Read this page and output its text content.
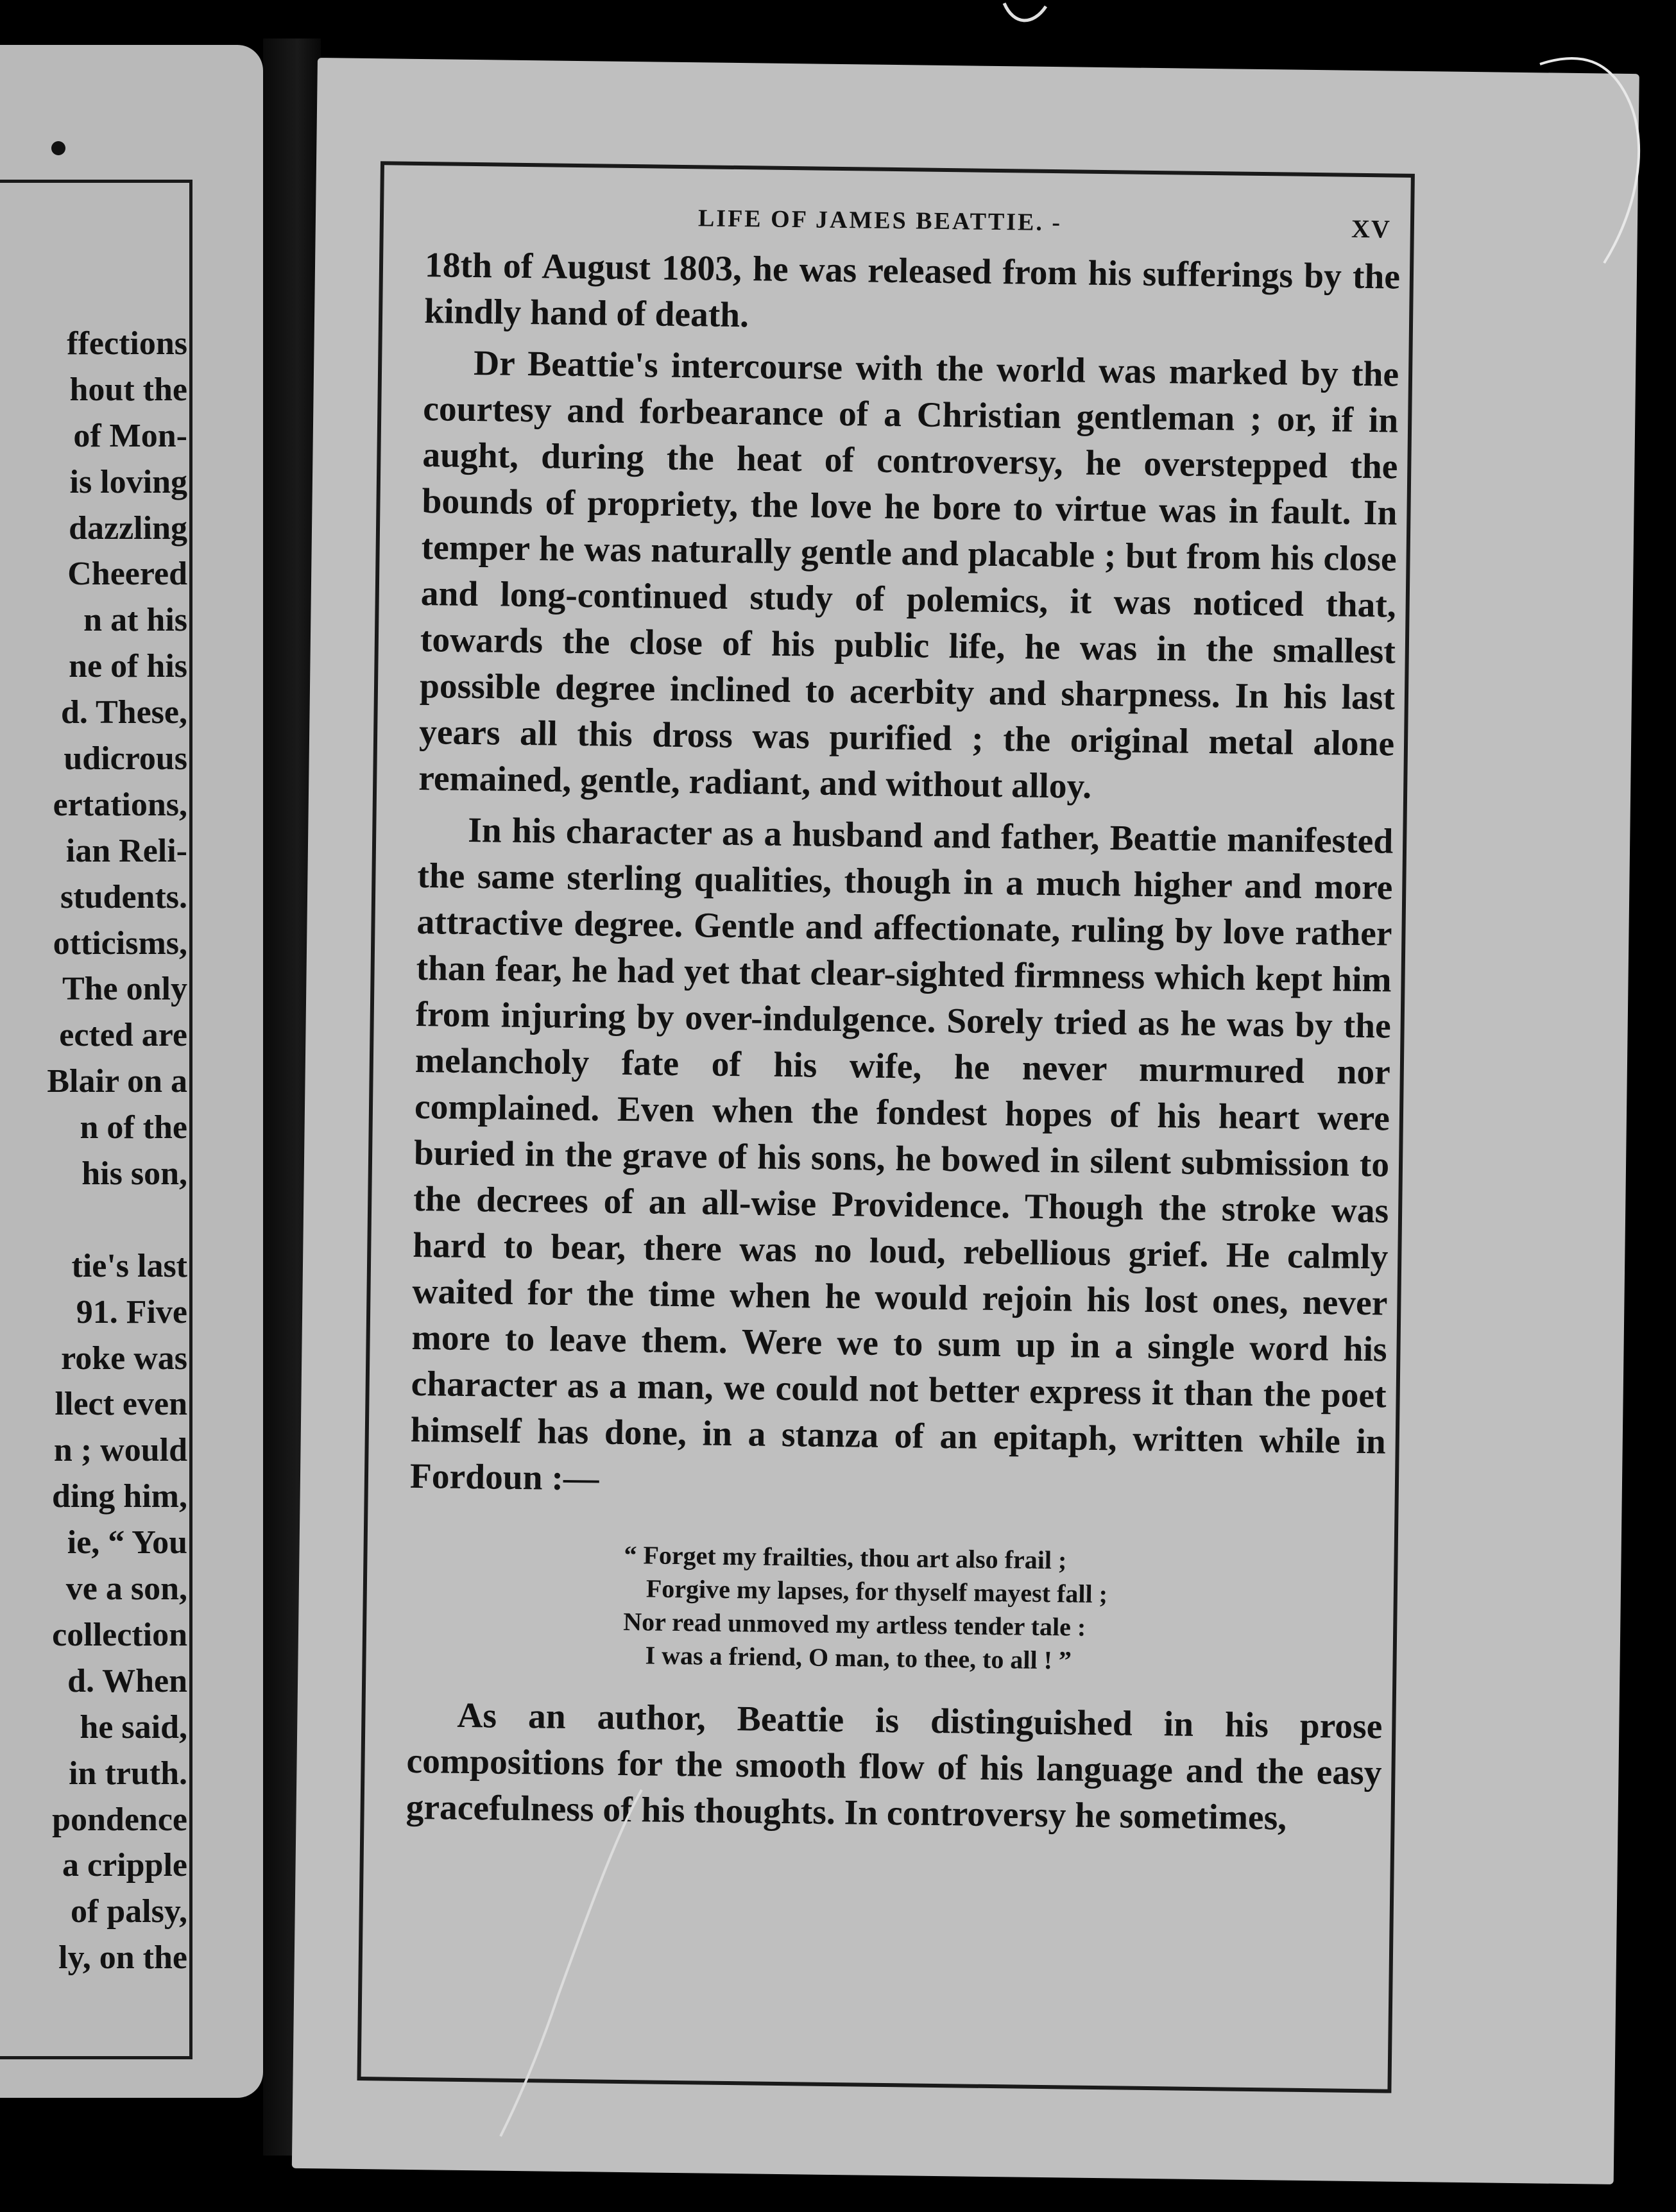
ffections
hout the
of Mon-
is loving
dazzling
Cheered
n at his
ne of his
d. These,
udicrous
ertations,
ian Reli-
students.
otticisms,
The only
ected are
Blair on a
n of the
his son,
tie's last
91. Five
roke was
llect even
n ; would
ding him,
ie, “ You
ve a son,
collection
d. When
he said,
in truth.
pondence
a cripple
of palsy,
ly, on the
LIFE OF JAMES BEATTIE. -	XV

18th of August 1803, he was released from his sufferings by the kindly hand of death.

Dr Beattie's intercourse with the world was marked by the courtesy and forbearance of a Christian gentleman ; or, if in aught, during the heat of controversy, he overstepped the bounds of propriety, the love he bore to virtue was in fault. In temper he was naturally gentle and placable ; but from his close and long-continued study of polemics, it was noticed that, towards the close of his public life, he was in the smallest possible degree inclined to acerbity and sharpness. In his last years all this dross was purified ; the original metal alone remained, gentle, radiant, and without alloy.

In his character as a husband and father, Beattie manifested the same sterling qualities, though in a much higher and more attractive degree. Gentle and affectionate, ruling by love rather than fear, he had yet that clear-sighted firmness which kept him from injuring by over-indulgence. Sorely tried as he was by the melancholy fate of his wife, he never murmured nor complained. Even when the fondest hopes of his heart were buried in the grave of his sons, he bowed in silent submission to the decrees of an all-wise Providence. Though the stroke was hard to bear, there was no loud, rebellious grief. He calmly waited for the time when he would rejoin his lost ones, never more to leave them. Were we to sum up in a single word his character as a man, we could not better express it than the poet himself has done, in a stanza of an epitaph, written while in Fordoun :—

“ Forget my frailties, thou art also frail ;
Forgive my lapses, for thyself mayest fall ;
Nor read unmoved my artless tender tale :
I was a friend, O man, to thee, to all ! ”

As an author, Beattie is distinguished in his prose compositions for the smooth flow of his language and the easy gracefulness of his thoughts. In controversy he sometimes,
